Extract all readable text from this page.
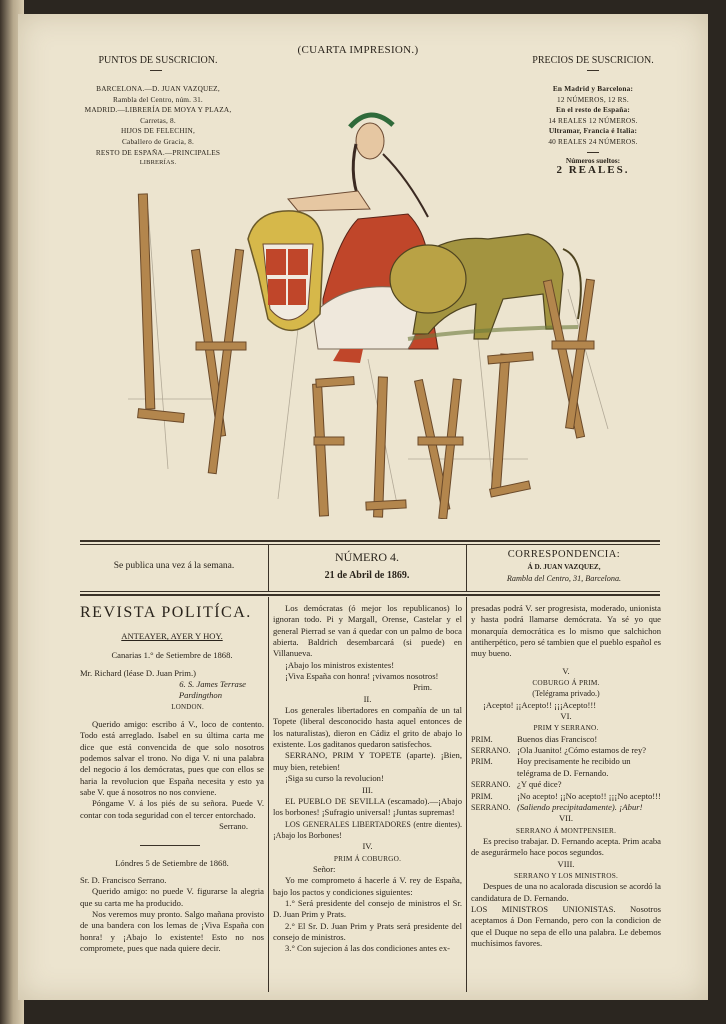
(CUARTA IMPRESION.)
PUNTOS DE SUSCRICION.
BARCELONA.—D. JUAN VAZQUEZ,
Rambla del Centro, núm. 31.
MADRID.—LIBRERÍA DE MOYA Y PLAZA,
Carretas, 8.
HIJOS DE FELECHIN,
Caballero de Gracia, 8.
RESTO DE ESPAÑA.—PRINCIPALES
LIBRERÍAS.
PRECIOS DE SUSCRICION.
En Madrid y Barcelona:
12 NÚMEROS, 12 RS.
En el resto de España:
14 REALES 12 NÚMEROS.
Ultramar, Francia é Italia:
40 REALES 24 NÚMEROS.
Números sueltos:
2 REALES.
Se publica una vez á la semana.
NÚMERO 4.
21 de Abril de 1869.
CORRESPONDENCIA:
Á D. JUAN VAZQUEZ,
Rambla del Centro, 31, Barcelona.
REVISTA POLITÍCA.
ANTEAYER, AYER Y HOY.

Canarias 1.° de Setiembre de 1868.

Mr. Richard (léase D. Juan Prim.)

6. S. James Terrase

Pardingthon

LONDON.

Querido amigo: escribo á V., loco de contento. Todo está arreglado. Isabel en su última carta me dice que está convencida de que solo nosotros podemos salvar el trono. No diga V. ni una palabra del negocio á los demócratas, pues que con ellos se haria la revolucion que España necesita y esto ya sabe V. que á nosotros no nos conviene.

Póngame V. á los piés de su señora. Puede V. contar con toda seguridad con el tercer entorchado.

Serrano.

Lóndres 5 de Setiembre de 1868.

Sr. D. Francisco Serrano.

Querido amigo: no puede V. figurarse la alegria que su carta me ha producido.

Nos veremos muy pronto. Salgo mañana provisto de una bandera con los lemas de ¡Viva España con honra! y ¡Abajo lo existente! Esto no nos compromete, pues que nada quiere decir.

Los demócratas (ó mejor los republicanos) lo ignoran todo. Pi y Margall, Orense, Castelar y el general Pierrad se van á quedar con un palmo de boca abierta. Baldrich desembarcará (si puede) en Villanueva.

¡Abajo los ministros existentes!

¡Viva España con honra! ¡vivamos nosotros!

Prim.

II.

Los generales libertadores en compañía de un tal Topete (liberal desconocido hasta aquel entonces de los naturalistas), dieron en Cádiz el grito de abajo lo existente. Los gaditanos quedaron satisfechos.

SERRANO, PRIM Y TOPETE (aparte). ¡Bien, muy bien, retebien!

¡Siga su curso la revolucion!

III.

EL PUEBLO DE SEVILLA (escamado).—¡Abajo los borbones! ¡Sufragio universal! ¡Juntas supremas!

LOS GENERALES LIBERTADORES (entre dientes). ¡Abajo los Borbones!

IV.

PRIM Á COBURGO.

Señor:

Yo me comprometo á hacerle á V. rey de España, bajo los pactos y condiciones siguientes:

1.° Será presidente del consejo de ministros el Sr. D. Juan Prim y Prats.

2.° El Sr. D. Juan Prim y Prats será presidente del consejo de ministros.

3.° Con sujecion á las dos condiciones antes ex-

presadas podrá V. ser progresista, moderado, unionista y hasta podrá llamarse demócrata. Ya sé yo que monarquía democrática es lo mismo que salchichon antiherpético, pero sé tambien que el pueblo español es muy bueno.

V.

COBURGO Á PRIM.

(Telégrama privado.)

¡Acepto! ¡¡Acepto!! ¡¡¡Acepto!!!

VI.

PRIM Y SERRANO.

PRIM.	Buenos dias Francisco!
SERRANO. ¡Ola Juanito! ¿Cómo estamos de rey?
PRIM.	Hoy precisamente he recibido un telégrama de D. Fernando.
SERRANO. ¿Y qué dice?
PRIM.	¡No acepto! ¡¡No acepto!! ¡¡¡No acepto!!!
SERRANO. (Saliendo precipitadamente). ¡Abur!

VII.

SERRANO Á MONTPENSIER.

Es preciso trabajar. D. Fernando acepta. Prim acaba de asegurármelo hace pocos segundos.

VIII.

SERRANO Y LOS MINISTROS.

Despues de una no acalorada discusion se acordó la candidatura de D. Fernando.

LOS MINISTROS UNIONISTAS. Nosotros aceptamos á Don Fernando, pero con la condicion de que el Duque no sepa de ello una palabra. Le debemos muchísimos favores.
